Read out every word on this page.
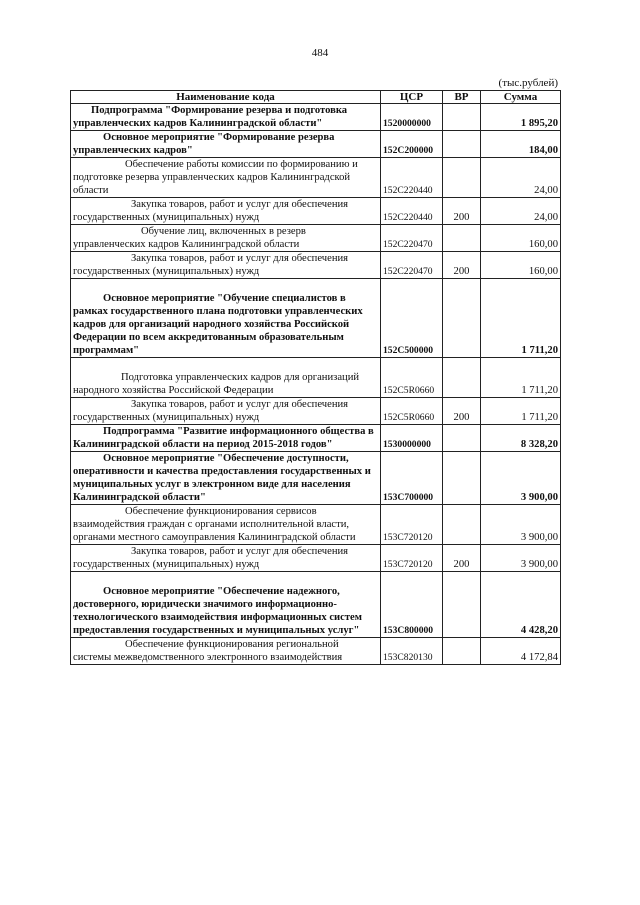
484
(тыс.рублей)
Наименование кода	ЦСР	ВР	Сумма
Подпрограмма "Формирование резерва и подготовка управленческих кадров Калининградской области"	1520000000		1 895,20
Основное мероприятие "Формирование резерва управленческих кадров"	152С200000		184,00
Обеспечение работы комиссии по формированию и подготовке резерва управленческих кадров Калининградской области	152С220440		24,00
Закупка товаров, работ и услуг для обеспечения государственных (муниципальных) нужд	152С220440	200	24,00
Обучение лиц, включенных в резерв управленческих кадров Калининградской области	152С220470		160,00
Закупка товаров, работ и услуг для обеспечения государственных (муниципальных) нужд	152С220470	200	160,00
Основное мероприятие "Обучение специалистов в рамках государственного плана подготовки управленческих кадров для организаций народного хозяйства Российской Федерации по всем аккредитованным образовательным программам"	152С500000		1 711,20
Подготовка управленческих кадров для организаций народного хозяйства Российской Федерации	152С5R0660		1 711,20
Закупка товаров, работ и услуг для обеспечения государственных (муниципальных) нужд	152С5R0660	200	1 711,20
Подпрограмма "Развитие информационного общества в Калининградской области на период 2015-2018 годов"	1530000000		8 328,20
Основное мероприятие "Обеспечение доступности, оперативности и качества предоставления государственных и муниципальных услуг в электронном виде для населения Калининградской области"	153С700000		3 900,00
Обеспечение функционирования сервисов взаимодействия граждан с органами исполнительной власти, органами местного самоуправления Калининградской области	153С720120		3 900,00
Закупка товаров, работ и услуг для обеспечения государственных (муниципальных) нужд	153С720120	200	3 900,00
Основное мероприятие "Обеспечение надежного, достоверного, юридически значимого информационно-технологического взаимодействия информационных систем предоставления государственных и муниципальных услуг"	153С800000		4 428,20
Обеспечение функционирования региональной системы межведомственного электронного взаимодействия	153С820130		4 172,84
